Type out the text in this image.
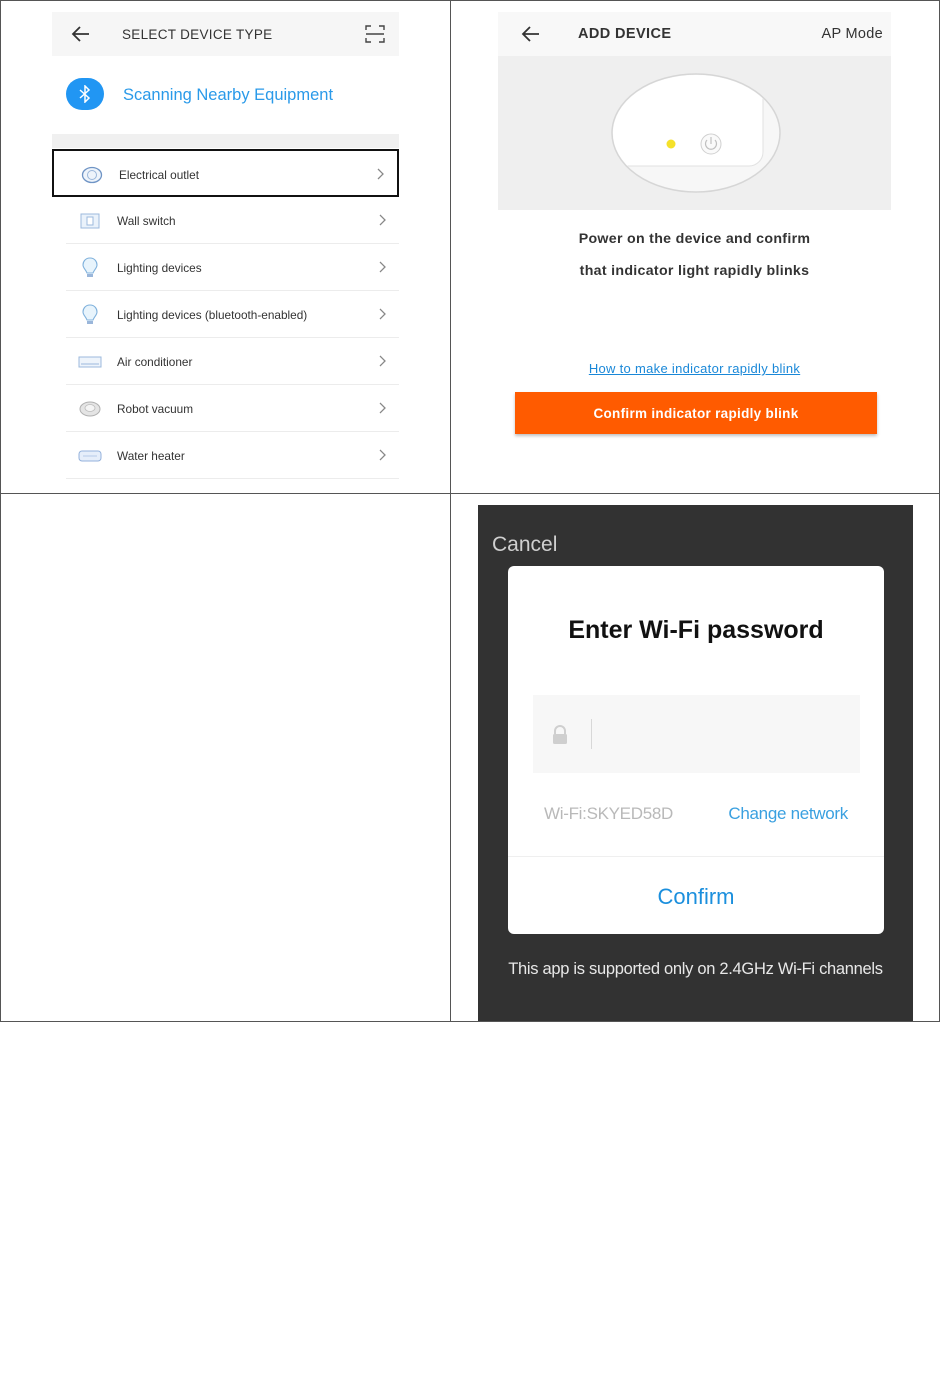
SELECT DEVICE TYPE
Scanning Nearby Equipment
Electrical outlet
Wall switch
Lighting devices
Lighting devices (bluetooth-enabled)
Air conditioner
Robot vacuum
Water heater
ADD DEVICE	AP Mode
Power on the device and confirm
that indicator light rapidly blinks
How to make indicator rapidly blink
Confirm indicator rapidly blink
Cancel
Enter Wi-Fi password
Wi-Fi:SKYED58D	Change network
Confirm
This app is supported only on 2.4GHz Wi-Fi channels
